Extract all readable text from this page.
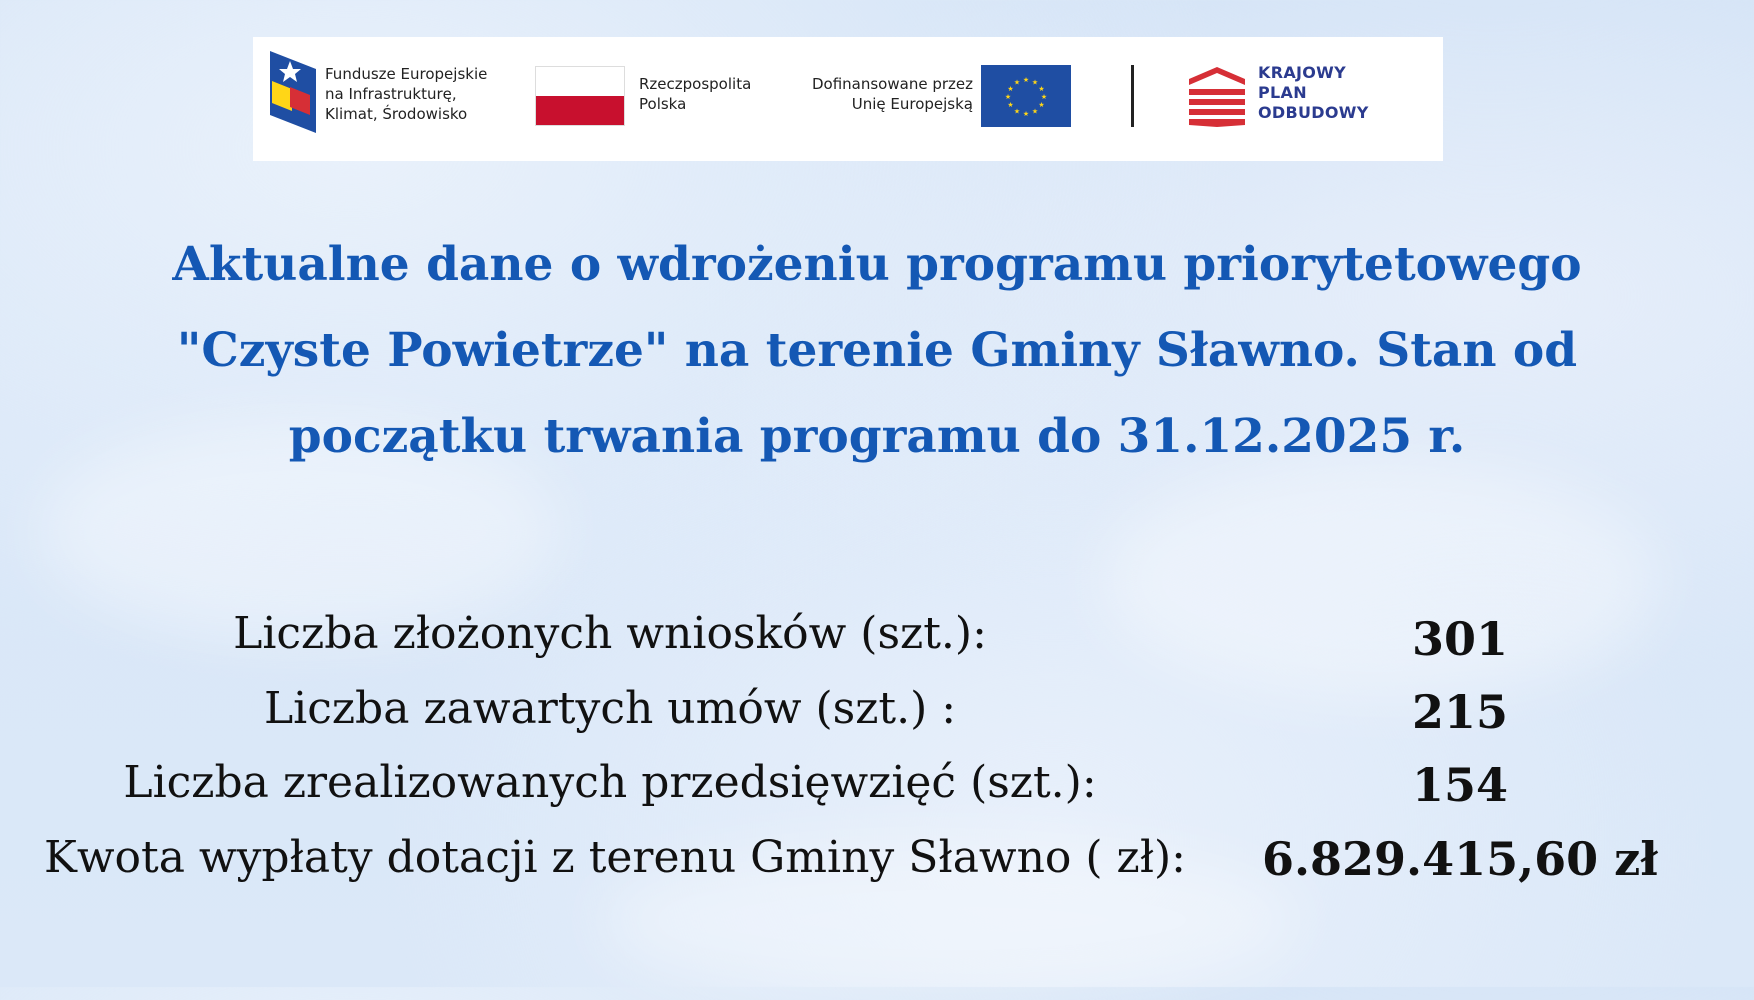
Fundusze Europejskie
na Infrastrukturę,
Klimat, Środowisko
Rzeczpospolita
Polska
Dofinansowane przez
Unię Europejską
★ ★
★
★
★
★
★
★
★
★
★
★
KRAJOWY
PLAN
ODBUDOWY
Aktualne dane o wdrożeniu programu priorytetowego
"Czyste Powietrze" na terenie Gminy Sławno. Stan od
początku trwania programu do 31.12.2025 r.
Liczba złożonych wniosków (szt.):	301
Liczba zawartych umów (szt.) :	215
Liczba zrealizowanych przedsięwzięć (szt.):	154
Kwota wypłaty dotacji z terenu Gminy Sławno ( zł):	6.829.415,60 zł
